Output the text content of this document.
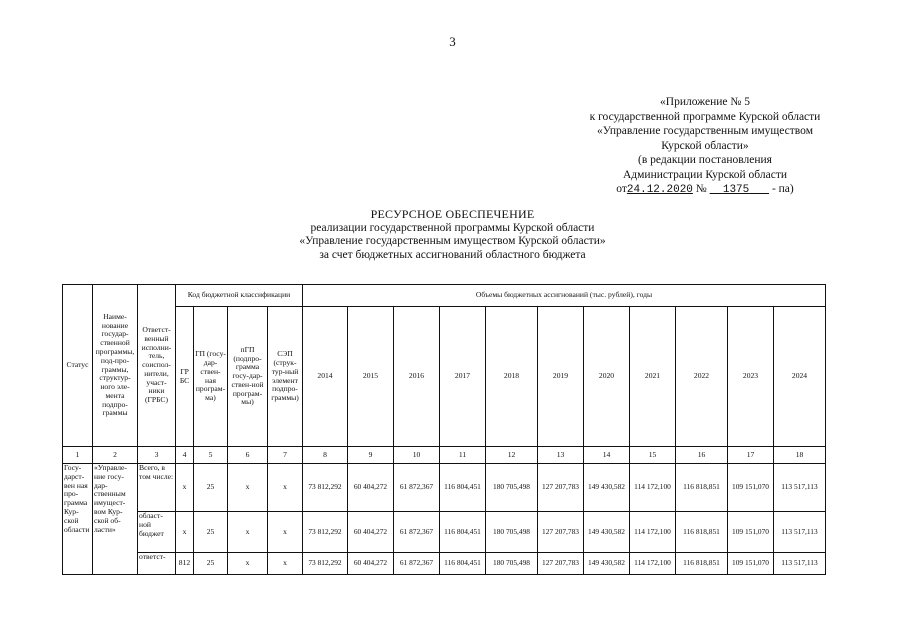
3
«Приложение № 5
к государственной программе Курской области
«Управление государственным имуществом
Курской области»
(в редакции постановления
Администрации Курской области
от24.12.2020 № 1375 - па)
РЕСУРСНОЕ ОБЕСПЕЧЕНИЕ
реализации государственной программы Курской области
«Управление государственным имуществом Курской области»
за счет бюджетных ассигнований областного бюджета
Статус	Наиме-нование государ-ственной программы, под-про-граммы, структур-ного эле-мента подпро-граммы	Ответст-венный исполни-тель, соиспол-нители, участ-ники (ГРБС)	Код бюджетной классификации				Объемы бюджетных ассигнований (тыс. рублей), годы										
			ГР БС	ГП (госу-дар-ствен-ная програм-ма)	пГП (подпро-грамма госу-дар-ствен-ной програм-мы)	СЭП (струк-тур-ный элемент подпро-граммы)	2014	2015	2016	2017	2018	2019	2020	2021	2022	2023	2024
1	2	3	4	5	6	7	8	9	10	11	12	13	14	15	16	17	18
Госу-дарст-вен ная про-грамма Кур-ской области	«Управле-ние госу-дар-ственным имущест-вом Кур-ской об-ласти»	Всего, в том числе:	x	25	x	x	73 812,292	60 404,272	61 872,367	116 804,451	180 705,498	127 207,783	149 430,582	114 172,100	116 818,851	109 151,070	113 517,113
		област-ной бюджет	x	25	x	x	73 812,292	60 404,272	61 872,367	116 804,451	180 705,498	127 207,783	149 430,582	114 172,100	116 818,851	109 151,070	113 517,113
		ответст-	812	25	x	x	73 812,292	60 404,272	61 872,367	116 804,451	180 705,498	127 207,783	149 430,582	114 172,100	116 818,851	109 151,070	113 517,113
